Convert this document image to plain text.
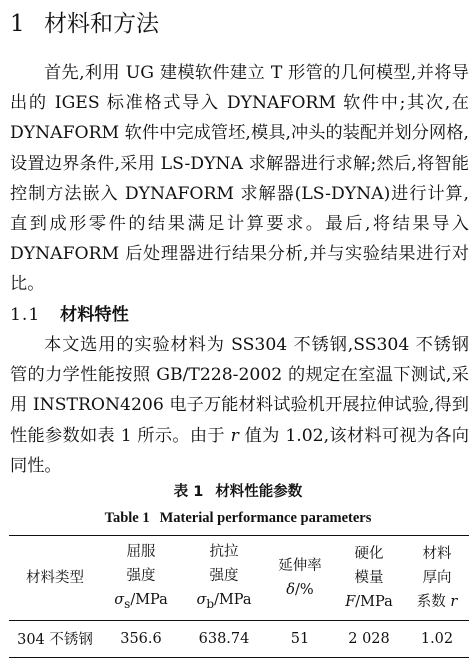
1 材料和方法
首先,利用 UG 建模软件建立 T 形管的几何模型,并将导出的 IGES 标准格式导入 DYNAFORM 软件中;其次,在 DYNAFORM 软件中完成管坯,模具,冲头的装配并划分网格,设置边界条件,采用 LS-DYNA 求解器进行求解;然后,将智能控制方法嵌入 DYNAFORM 求解器(LS-DYNA)进行计算,直到成形零件的结果满足计算要求。最后,将结果导入 DYNAFORM 后处理器进行结果分析,并与实验结果进行对比。
1.1 材料特性
本文选用的实验材料为 SS304 不锈钢,SS304 不锈钢管的力学性能按照 GB/T228-2002 的规定在室温下测试,采用 INSTRON4206 电子万能材料试验机开展拉伸试验,得到性能参数如表 1 所示。由于 r 值为 1.02,该材料可视为各向同性。
表 1 材料性能参数
Table 1 Material performance parameters
材料类型	屈服
强度
$\sigma_s$/MPa	抗拉
强度
$\sigma_b$/MPa	延伸率
δ/%	硬化
模量
F/MPa	材料
厚向
系数 r

304 不锈钢	356.6	638.74	51	2 028	1.02
